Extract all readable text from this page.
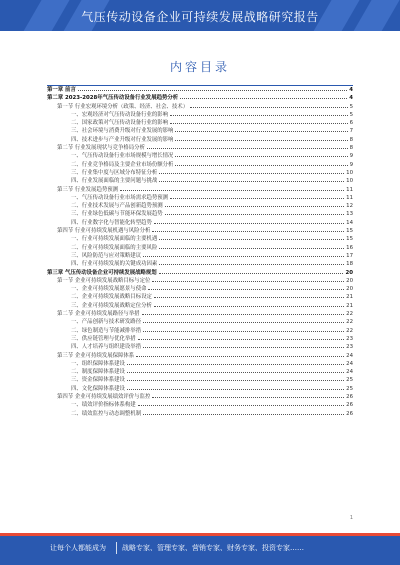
气压传动设备企业可持续发展战略研究报告
内容目录
第一章 前言	4
第二章 2023-2028年气压传动设备行业发展趋势分析	4
第一节 行业宏观环境分析（政策、经济、社会、技术）	5
一、宏观经济对气压传动设备行业的影响	5
二、国家政策对气压传动设备行业的影响	6
三、社会环境与消费升级对行业发展的影响	7
四、技术进步与产业升级对行业发展的影响	8
第二节 行业发展现状与竞争格局分析	8
一、气压传动设备行业市场规模与增长情况	9
二、行业竞争格局及主要企业市场份额分析	9
三、行业集中度与区域分布特征分析	10
四、行业发展面临的主要问题与挑战	10
第三节 行业发展趋势预测	11
一、气压传动设备行业市场需求趋势预测	11
二、行业技术发展与产品创新趋势预测	12
三、行业绿色低碳与节能环保发展趋势	13
四、行业数字化与智能化转型趋势	14
第四节 行业可持续发展机遇与风险分析	15
一、行业可持续发展面临的主要机遇	15
二、行业可持续发展面临的主要风险	16
三、风险防范与应对策略建议	17
四、行业可持续发展的关键成功因素	18
第三章 气压传动设备企业可持续发展战略规划	20
第一节 企业可持续发展战略目标与定位	20
一、企业可持续发展愿景与使命	20
二、企业可持续发展战略目标设定	21
三、企业可持续发展战略定位分析	21
第二节 企业可持续发展路径与举措	22
一、产品创新与技术研发路径	22
二、绿色制造与节能减排举措	22
三、供应链管理与优化举措	23
四、人才培养与组织建设举措	23
第三节 企业可持续发展保障体系	24
一、组织保障体系建设	24
二、制度保障体系建设	24
三、资金保障体系建设	25
四、文化保障体系建设	25
第四节 企业可持续发展绩效评价与监控	26
一、绩效评价指标体系构建	26
二、绩效监控与动态调整机制	26
1
让每个人都能成为 战略专家、管理专家、营销专家、财务专家、投资专家……
